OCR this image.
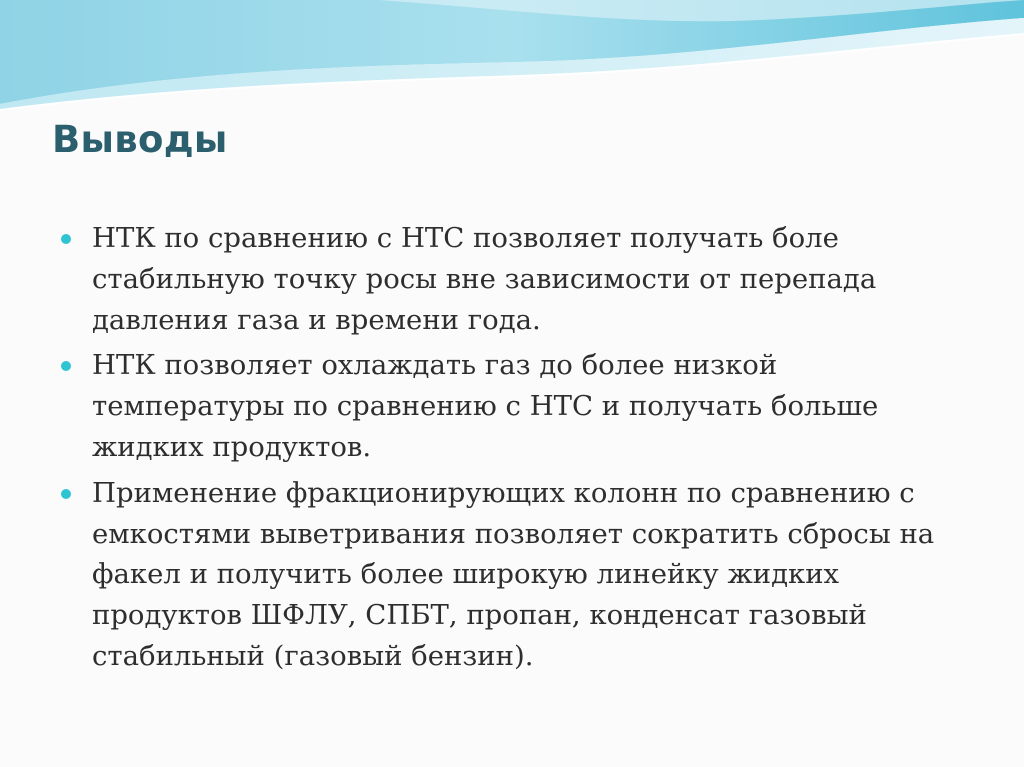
Выводы
НТК по сравнению с НТС позволяет получать боле стабильную точку росы вне зависимости от перепада давления газа и времени года.
НТК позволяет охлаждать газ до более низкой температуры по сравнению с НТС и получать больше жидких продуктов.
Применение фракционирующих колонн по сравнению с емкостями выветривания позволяет сократить сбросы на факел и получить более широкую линейку жидких продуктов ШФЛУ, СПБТ, пропан, конденсат газовый стабильный (газовый бензин).
